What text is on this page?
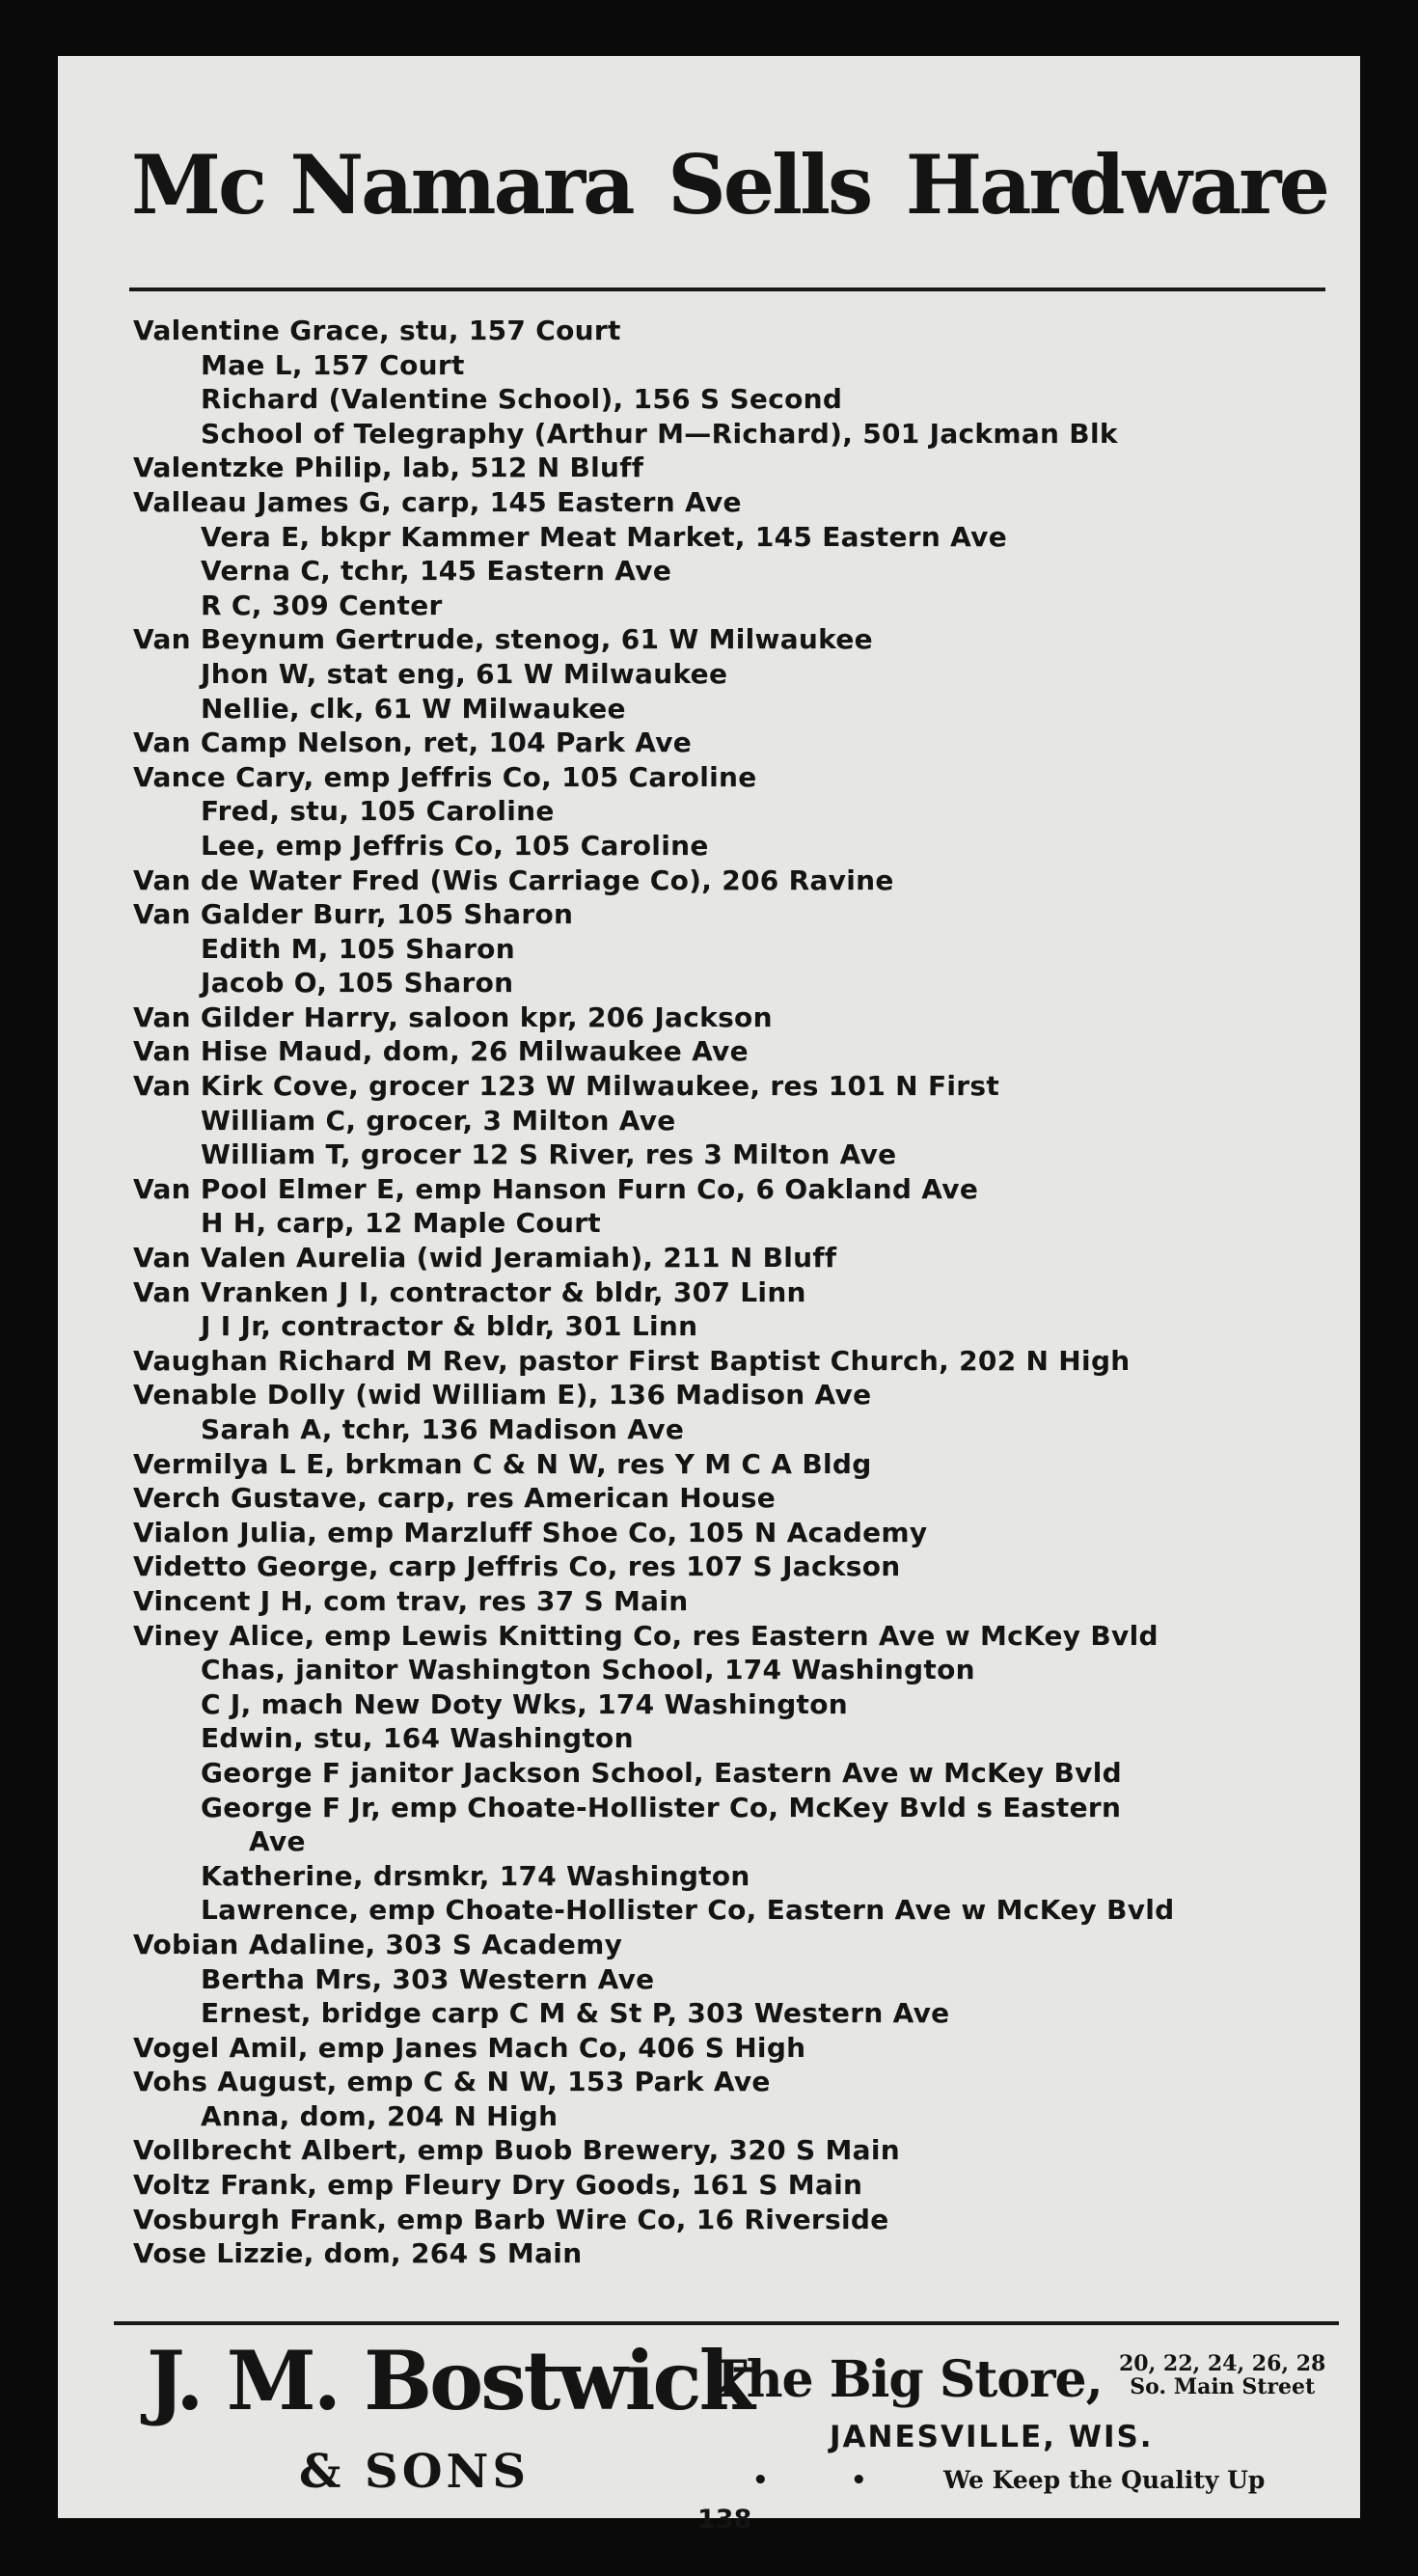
Mc Namara Sells Hardware
Valentine Grace, stu, 157 Court
Mae L, 157 Court
Richard (Valentine School), 156 S Second
School of Telegraphy (Arthur M—Richard), 501 Jackman Blk
Valentzke Philip, lab, 512 N Bluff
Valleau James G, carp, 145 Eastern Ave
Vera E, bkpr Kammer Meat Market, 145 Eastern Ave
Verna C, tchr, 145 Eastern Ave
R C, 309 Center
Van Beynum Gertrude, stenog, 61 W Milwaukee
Jhon W, stat eng, 61 W Milwaukee
Nellie, clk, 61 W Milwaukee
Van Camp Nelson, ret, 104 Park Ave
Vance Cary, emp Jeffris Co, 105 Caroline
Fred, stu, 105 Caroline
Lee, emp Jeffris Co, 105 Caroline
Van de Water Fred (Wis Carriage Co), 206 Ravine
Van Galder Burr, 105 Sharon
Edith M, 105 Sharon
Jacob O, 105 Sharon
Van Gilder Harry, saloon kpr, 206 Jackson
Van Hise Maud, dom, 26 Milwaukee Ave
Van Kirk Cove, grocer 123 W Milwaukee, res 101 N First
William C, grocer, 3 Milton Ave
William T, grocer 12 S River, res 3 Milton Ave
Van Pool Elmer E, emp Hanson Furn Co, 6 Oakland Ave
H H, carp, 12 Maple Court
Van Valen Aurelia (wid Jeramiah), 211 N Bluff
Van Vranken J I, contractor & bldr, 307 Linn
J I Jr, contractor & bldr, 301 Linn
Vaughan Richard M Rev, pastor First Baptist Church, 202 N High
Venable Dolly (wid William E), 136 Madison Ave
Sarah A, tchr, 136 Madison Ave
Vermilya L E, brkman C & N W, res Y M C A Bldg
Verch Gustave, carp, res American House
Vialon Julia, emp Marzluff Shoe Co, 105 N Academy
Videtto George, carp Jeffris Co, res 107 S Jackson
Vincent J H, com trav, res 37 S Main
Viney Alice, emp Lewis Knitting Co, res Eastern Ave w McKey Bvld
Chas, janitor Washington School, 174 Washington
C J, mach New Doty Wks, 174 Washington
Edwin, stu, 164 Washington
George F janitor Jackson School, Eastern Ave w McKey Bvld
George F Jr, emp Choate-Hollister Co, McKey Bvld s Eastern
Ave
Katherine, drsmkr, 174 Washington
Lawrence, emp Choate-Hollister Co, Eastern Ave w McKey Bvld
Vobian Adaline, 303 S Academy
Bertha Mrs, 303 Western Ave
Ernest, bridge carp C M & St P, 303 Western Ave
Vogel Amil, emp Janes Mach Co, 406 S High
Vohs August, emp C & N W, 153 Park Ave
Anna, dom, 204 N High
Vollbrecht Albert, emp Buob Brewery, 320 S Main
Voltz Frank, emp Fleury Dry Goods, 161 S Main
Vosburgh Frank, emp Barb Wire Co, 16 Riverside
Vose Lizzie, dom, 264 S Main
J. M. Bostwick
& SONS
The Big Store, 20, 22, 24, 26, 28
So. Main Street
JANESVILLE, WIS.
•	•	We Keep the Quality Up
138
